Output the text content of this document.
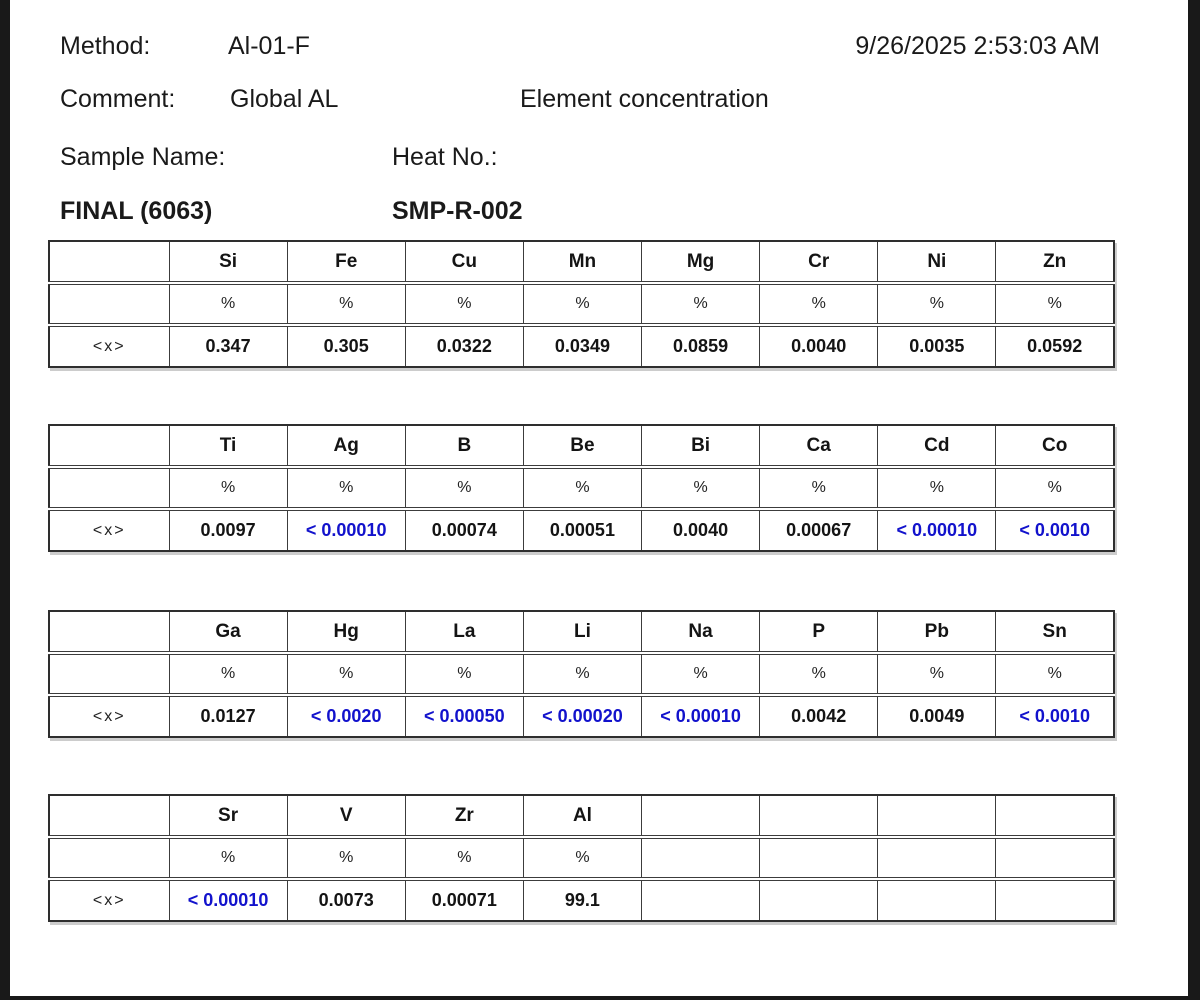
Method:	Al-01-F	9/26/2025 2:53:03 AM
Comment: Global AL	Element concentration
Sample Name:	Heat No.:
FINAL (6063)	SMP-R-002
	Si	Fe	Cu	Mn	Mg	Cr	Ni	Zn
	%	%	%	%	%	%	%	%
<x>	0.347	0.305	0.0322	0.0349	0.0859	0.0040	0.0035	0.0592
	Ti	Ag	B	Be	Bi	Ca	Cd	Co
	%	%	%	%	%	%	%	%
<x>	0.0097	< 0.00010	0.00074	0.00051	0.0040	0.00067	< 0.00010	< 0.0010
	Ga	Hg	La	Li	Na	P	Pb	Sn
	%	%	%	%	%	%	%	%
<x>	0.0127	< 0.0020	< 0.00050	< 0.00020	< 0.00010	0.0042	0.0049	< 0.0010
	Sr	V	Zr	Al				
	%	%	%	%				
<x>	< 0.00010	0.0073	0.00071	99.1				
